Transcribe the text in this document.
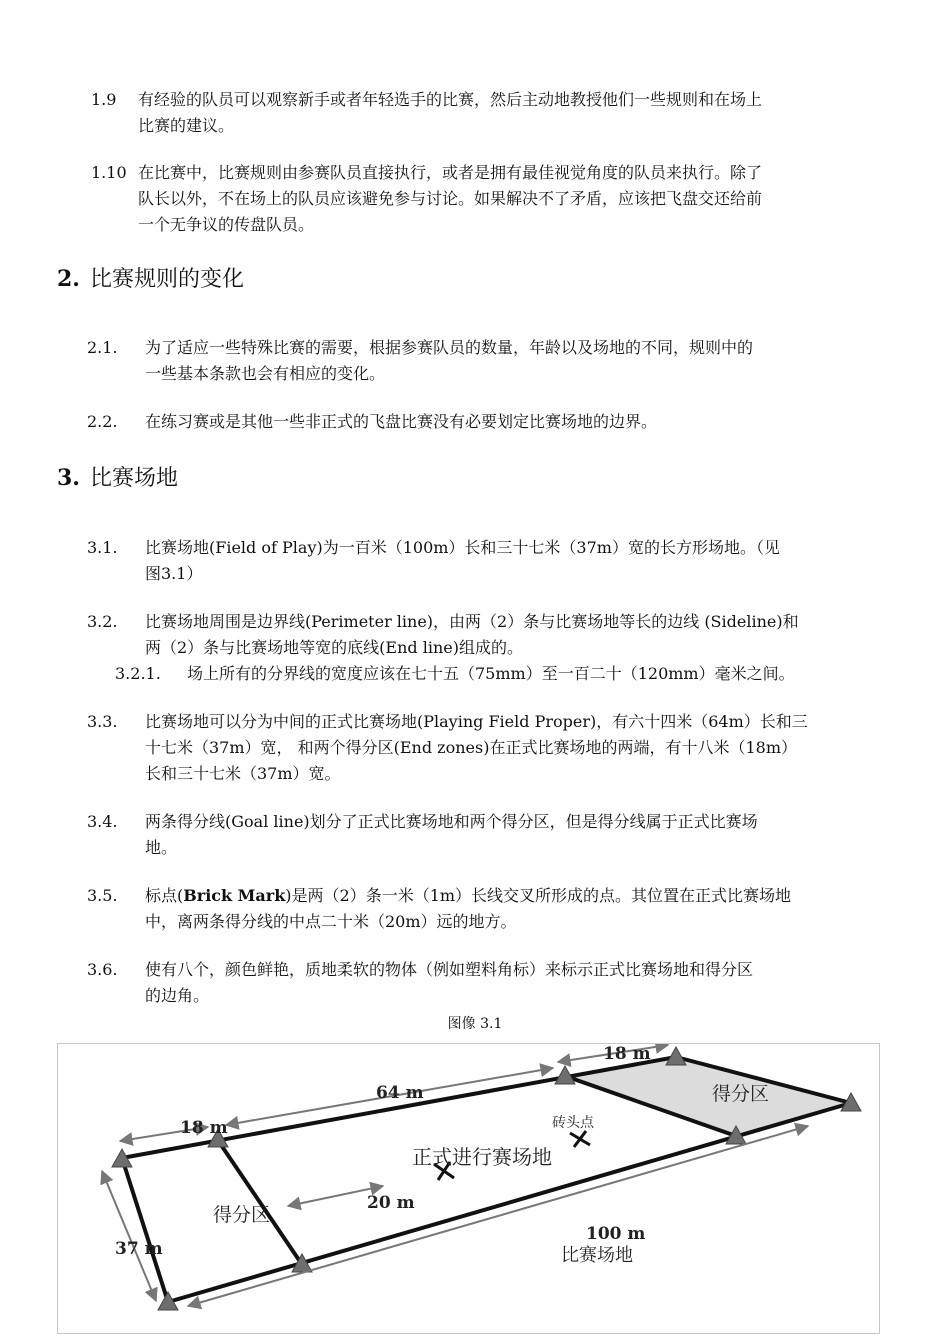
1.9 有经验的队员可以观察新手或者年轻选手的比赛，然后主动地教授他们一些规则和在场上
比赛的建议。
1.10 在比赛中，比赛规则由参赛队员直接执行，或者是拥有最佳视觉角度的队员来执行。除了
队长以外，不在场上的队员应该避免参与讨论。如果解决不了矛盾，应该把飞盘交还给前
一个无争议的传盘队员。
2. 比赛规则的变化
2.1. 为了适应一些特殊比赛的需要，根据参赛队员的数量，年龄以及场地的不同，规则中的
一些基本条款也会有相应的变化。
2.2. 在练习赛或是其他一些非正式的飞盘比赛没有必要划定比赛场地的边界。
3. 比赛场地
3.1. 比赛场地(Field of Play)为一百米（100m）长和三十七米（37m）宽的长方形场地。（见
图3.1）
3.2. 比赛场地周围是边界线(Perimeter line)，由两（2）条与比赛场地等长的边线 (Sideline)和
两（2）条与比赛场地等宽的底线(End line)组成的。
3.2.1. 场上所有的分界线的宽度应该在七十五（75mm）至一百二十（120mm）毫米之间。
3.3. 比赛场地可以分为中间的正式比赛场地(Playing Field Proper)，有六十四米（64m）长和三
十七米（37m）宽， 和两个得分区(End zones)在正式比赛场地的两端，有十八米（18m）
长和三十七米（37m）宽。
3.4. 两条得分线(Goal line)划分了正式比赛场地和两个得分区，但是得分线属于正式比赛场
地。
3.5. 标点(Brick Mark)是两（2）条一米（1m）长线交叉所形成的点。其位置在正式比赛场地
中，离两条得分线的中点二十米（20m）远的地方。
3.6. 使有八个，颜色鲜艳，质地柔软的物体（例如塑料角标）来标示正式比赛场地和得分区
的边角。
图像 3.1
18 m
64 m
18 m	砖头点
正式进行赛场地
得分区
得分区
20 m
100 m
比赛场地
37 m
